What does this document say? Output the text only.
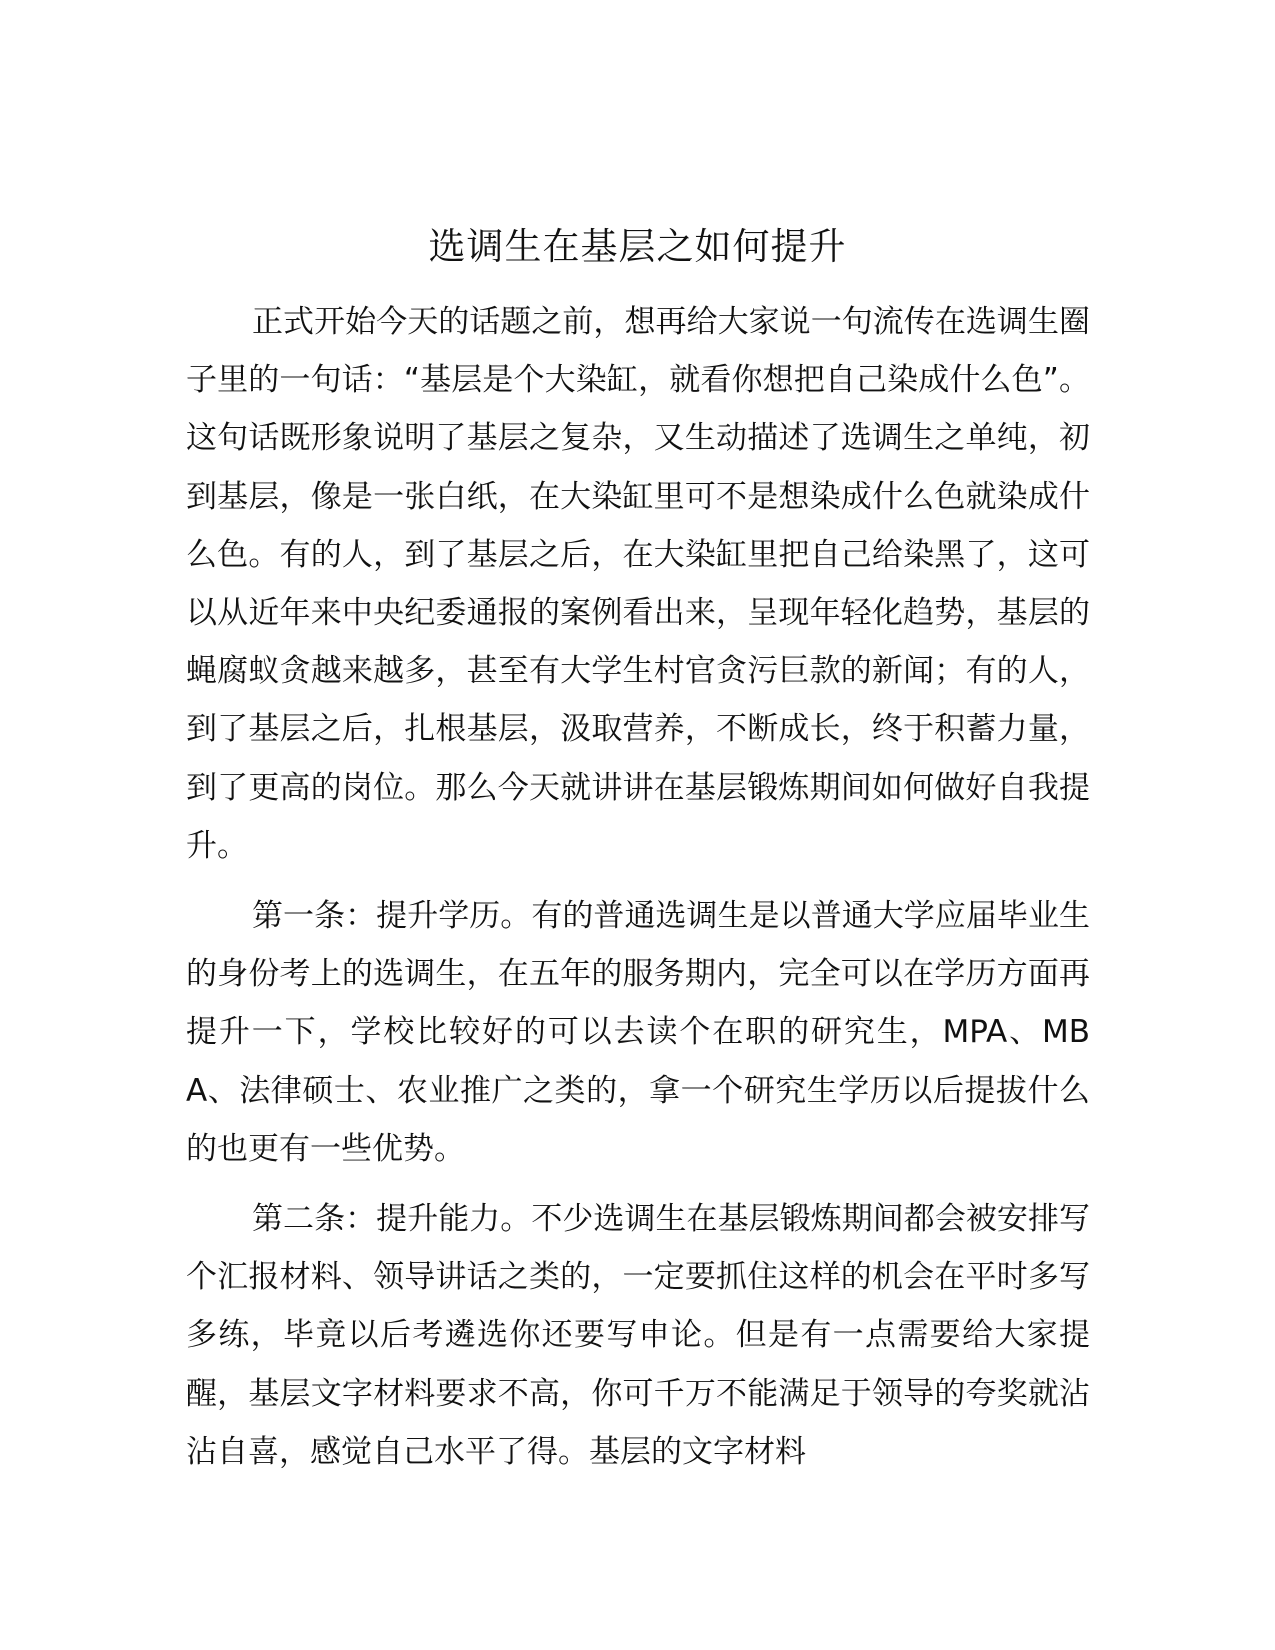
选调生在基层之如何提升

正式开始今天的话题之前，想再给大家说一句流传在选调生圈子里的一句话：“基层是个大染缸，就看你想把自己染成什么色”。这句话既形象说明了基层之复杂，又生动描述了选调生之单纯，初到基层，像是一张白纸，在大染缸里可不是想染成什么色就染成什么色。有的人，到了基层之后，在大染缸里把自己给染黑了，这可以从近年来中央纪委通报的案例看出来，呈现年轻化趋势，基层的蝇腐蚁贪越来越多，甚至有大学生村官贪污巨款的新闻；有的人，到了基层之后，扎根基层，汲取营养，不断成长，终于积蓄力量，到了更高的岗位。那么今天就讲讲在基层锻炼期间如何做好自我提升。

第一条：提升学历。有的普通选调生是以普通大学应届毕业生的身份考上的选调生，在五年的服务期内，完全可以在学历方面再提升一下，学校比较好的可以去读个在职的研究生，MPA、MBA、法律硕士、农业推广之类的，拿一个研究生学历以后提拔什么的也更有一些优势。

第二条：提升能力。不少选调生在基层锻炼期间都会被安排写个汇报材料、领导讲话之类的，一定要抓住这样的机会在平时多写多练，毕竟以后考遴选你还要写申论。但是有一点需要给大家提醒，基层文字材料要求不高，你可千万不能满足于领导的夸奖就沾沾自喜，感觉自己水平了得。基层的文字材料
